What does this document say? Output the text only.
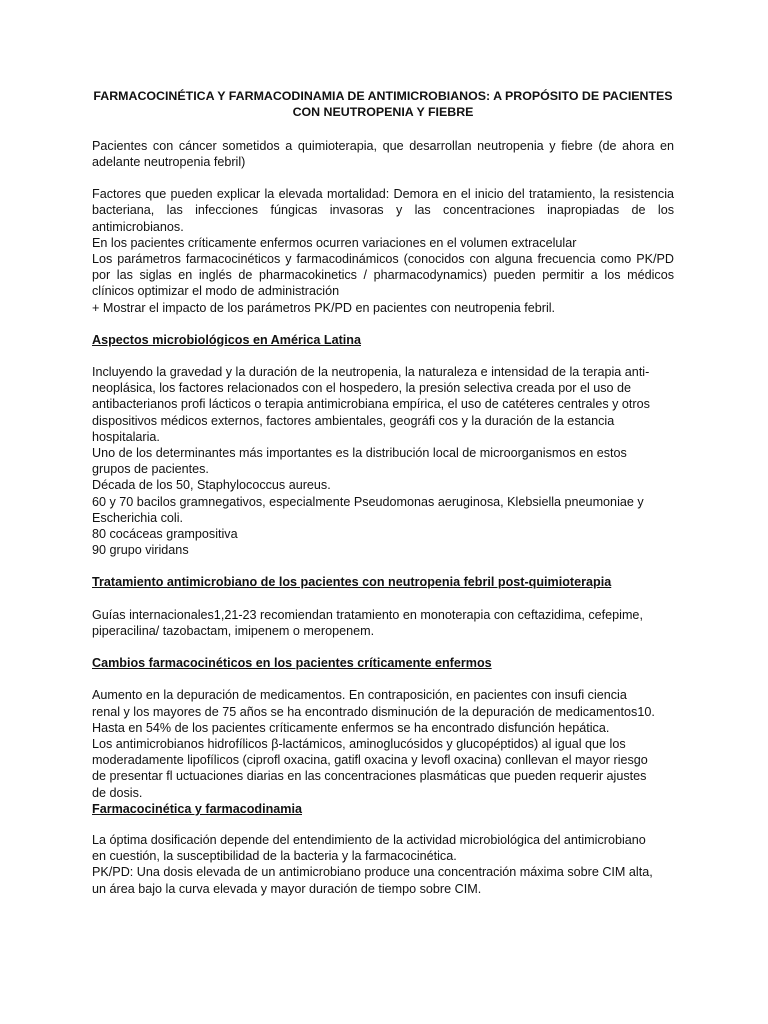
FARMACOCINÉTICA Y FARMACODINAMIA DE ANTIMICROBIANOS: A PROPÓSITO DE PACIENTES
CON NEUTROPENIA Y FIEBRE

Pacientes con cáncer sometidos a quimioterapia, que desarrollan neutropenia y fiebre (de ahora en adelante neutropenia febril)

Factores que pueden explicar la elevada mortalidad: Demora en el inicio del tratamiento, la resistencia bacteriana, las infecciones fúngicas invasoras y las concentraciones inapropiadas de los antimicrobianos.
En los pacientes críticamente enfermos ocurren variaciones en el volumen extracelular
Los parámetros farmacocinéticos y farmacodinámicos (conocidos con alguna frecuencia como PK/PD por las siglas en inglés de pharmacokinetics / pharmacodynamics) pueden permitir a los médicos clínicos optimizar el modo de administración
+ Mostrar el impacto de los parámetros PK/PD en pacientes con neutropenia febril.
Aspectos microbiológicos en América Latina
Incluyendo la gravedad y la duración de la neutropenia, la naturaleza e intensidad de la terapia anti-
neoplásica, los factores relacionados con el hospedero, la presión selectiva creada por el uso de
antibacterianos profi lácticos o terapia antimicrobiana empírica, el uso de catéteres centrales y otros
dispositivos médicos externos, factores ambientales, geográfi cos y la duración de la estancia
hospitalaria.
Uno de los determinantes más importantes es la distribución local de microorganismos en estos
grupos de pacientes.
Década de los 50, Staphylococcus aureus.
60 y 70 bacilos gramnegativos, especialmente Pseudomonas aeruginosa, Klebsiella pneumoniae y
Escherichia coli.
80 cocáceas grampositiva
90 grupo viridans
Tratamiento antimicrobiano de los pacientes con neutropenia febril post-quimioterapia
Guías internacionales1,21-23 recomiendan tratamiento en monoterapia con ceftazidima, cefepime,
piperacilina/ tazobactam, imipenem o meropenem.
Cambios farmacocinéticos en los pacientes críticamente enfermos
Aumento en la depuración de medicamentos. En contraposición, en pacientes con insufi ciencia
renal y los mayores de 75 años se ha encontrado disminución de la depuración de medicamentos10.
Hasta en 54% de los pacientes críticamente enfermos se ha encontrado disfunción hepática.
Los antimicrobianos hidrofílicos β-lactámicos, aminoglucósidos y glucopéptidos) al igual que los
moderadamente lipofílicos (ciprofl oxacina, gatifl oxacina y levofl oxacina) conllevan el mayor riesgo
de presentar fl uctuaciones diarias en las concentraciones plasmáticas que pueden requerir ajustes
de dosis.
Farmacocinética y farmacodinamia
La óptima dosificación depende del entendimiento de la actividad microbiológica del antimicrobiano
en cuestión, la susceptibilidad de la bacteria y la farmacocinética.
PK/PD: Una dosis elevada de un antimicrobiano produce una concentración máxima sobre CIM alta,
un área bajo la curva elevada y mayor duración de tiempo sobre CIM.
